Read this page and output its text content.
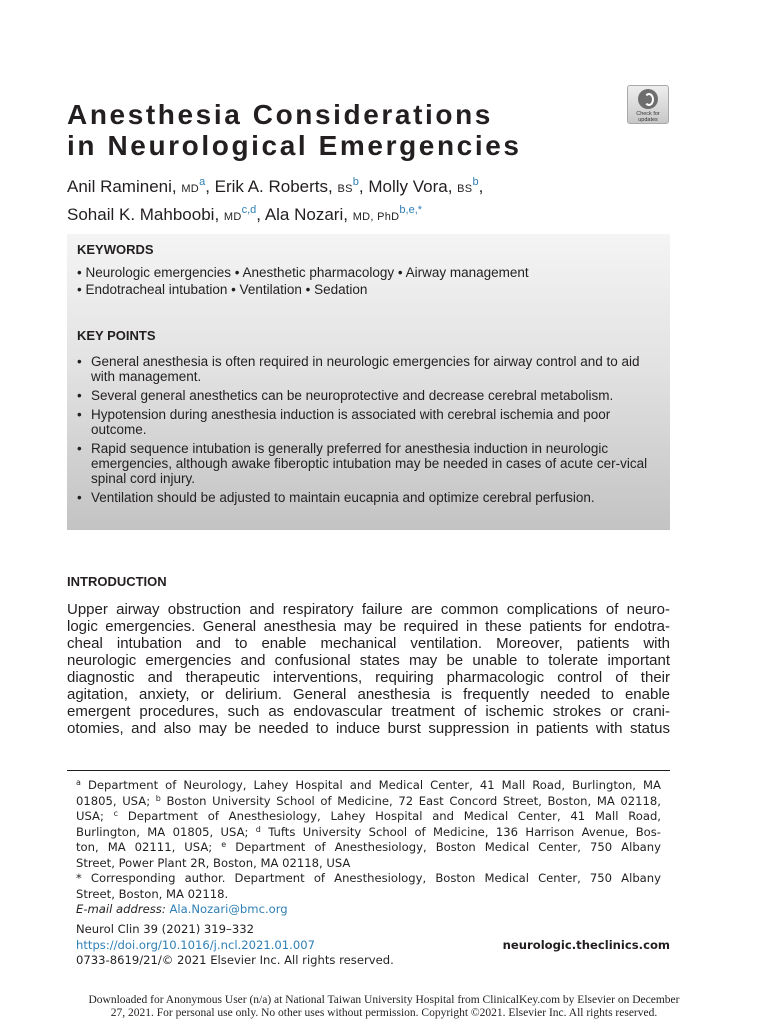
Anesthesia Considerations
in Neurological Emergencies
Check for
updates
Anil Ramineni, MD$^a$, Erik A. Roberts, BS$^b$, Molly Vora, BS$^b$,
Sohail K. Mahboobi, MD$^{c,d}$, Ala Nozari, MD, PhD$^{b,e,*}$
KEYWORDS
• Neurologic emergencies • Anesthetic pharmacology • Airway management
• Endotracheal intubation • Ventilation • Sedation
KEY POINTS
• General anesthesia is often required in neurologic emergencies for airway control and to aid with management.
• Several general anesthetics can be neuroprotective and decrease cerebral metabolism.
• Hypotension during anesthesia induction is associated with cerebral ischemia and poor outcome.
• Rapid sequence intubation is generally preferred for anesthesia induction in neurologic emergencies, although awake fiberoptic intubation may be needed in cases of acute cer-vical spinal cord injury.
• Ventilation should be adjusted to maintain eucapnia and optimize cerebral perfusion.
INTRODUCTION
Upper airway obstruction and respiratory failure are common complications of neuro-
logic emergencies. General anesthesia may be required in these patients for endotra-
cheal intubation and to enable mechanical ventilation. Moreover, patients with
neurologic emergencies and confusional states may be unable to tolerate important
diagnostic and therapeutic interventions, requiring pharmacologic control of their
agitation, anxiety, or delirium. General anesthesia is frequently needed to enable
emergent procedures, such as endovascular treatment of ischemic strokes or crani-
otomies, and also may be needed to induce burst suppression in patients with status
$^a$ Department of Neurology, Lahey Hospital and Medical Center, 41 Mall Road, Burlington, MA
01805, USA; $^b$ Boston University School of Medicine, 72 East Concord Street, Boston, MA 02118,
USA; $^c$ Department of Anesthesiology, Lahey Hospital and Medical Center, 41 Mall Road,
Burlington, MA 01805, USA; $^d$ Tufts University School of Medicine, 136 Harrison Avenue, Bos-
ton, MA 02111, USA; $^e$ Department of Anesthesiology, Boston Medical Center, 750 Albany
Street, Power Plant 2R, Boston, MA 02118, USA
* Corresponding author. Department of Anesthesiology, Boston Medical Center, 750 Albany
Street, Boston, MA 02118.
E-mail address: Ala.Nozari@bmc.org
Neurol Clin 39 (2021) 319–332
https://doi.org/10.1016/j.ncl.2021.01.007	neurologic.theclinics.com
0733-8619/21/© 2021 Elsevier Inc. All rights reserved.
Downloaded for Anonymous User (n/a) at National Taiwan University Hospital from ClinicalKey.com by Elsevier on December
27, 2021. For personal use only. No other uses without permission. Copyright ©2021. Elsevier Inc. All rights reserved.
